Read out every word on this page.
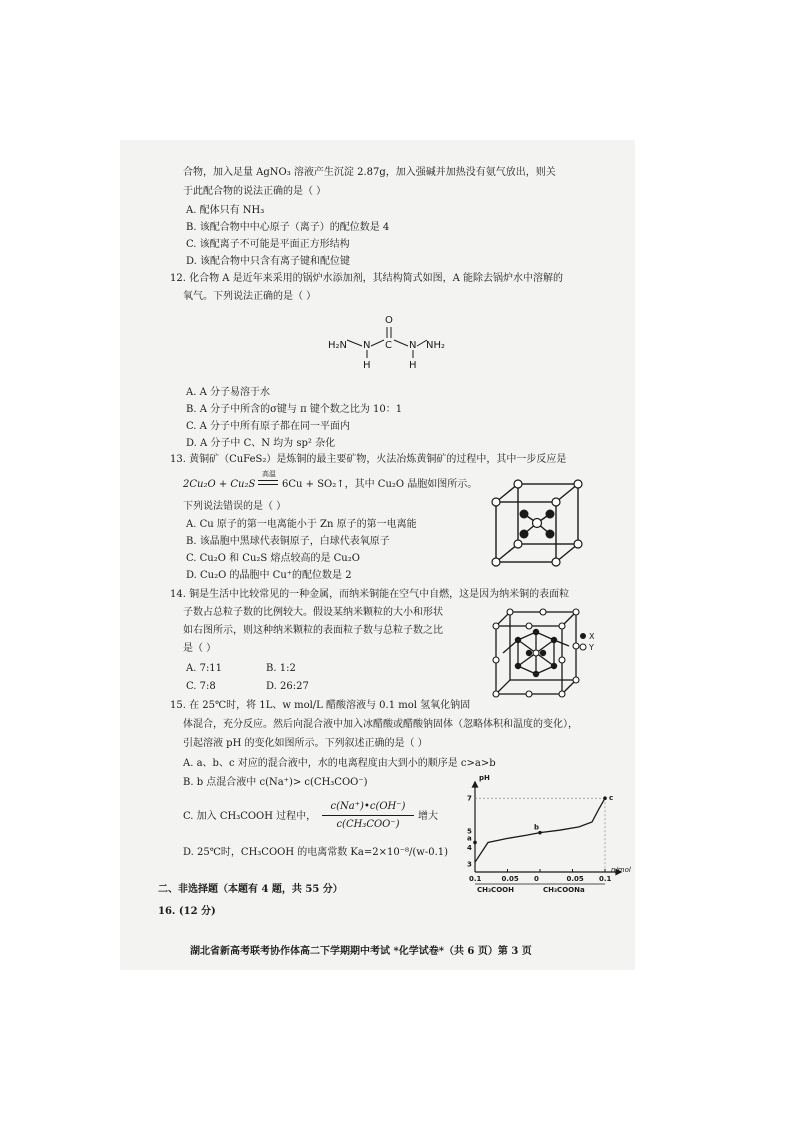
合物，加入足量 AgNO₃ 溶液产生沉淀 2.87g，加入强碱并加热没有氨气放出，则关
于此配合物的说法正确的是（ ）
A. 配体只有 NH₃
B. 该配合物中中心原子（离子）的配位数是 4
C. 该配离子不可能是平面正方形结构
D. 该配合物中只含有离子键和配位键
12. 化合物 A 是近年来采用的锅炉水添加剂，其结构简式如图，A 能除去锅炉水中溶解的
氧气。下列说法正确的是（ ）
O
C
N	N
H	H
H₂N	NH₂
A. A 分子易溶于水
B. A 分子中所含的σ键与 π 键个数之比为 10：1
C. A 分子中所有原子都在同一平面内
D. A 分子中 C、N 均为 sp² 杂化
13. 黄铜矿（CuFeS₂）是炼铜的最主要矿物，火法冶炼黄铜矿的过程中，其中一步反应是
2Cu₂O + Cu₂S
高温
6Cu + SO₂↑，其中 Cu₂O 晶胞如图所示。
下列说法错误的是（ ）
A. Cu 原子的第一电离能小于 Zn 原子的第一电离能
B. 该晶胞中黑球代表铜原子，白球代表氧原子
C. Cu₂O 和 Cu₂S 熔点较高的是 Cu₂O
D. Cu₂O 的晶胞中 Cu⁺的配位数是 2
14. 铜是生活中比较常见的一种金属，而纳米铜能在空气中自燃，这是因为纳米铜的表面粒
子数占总粒子数的比例较大。假设某纳米颗粒的大小和形状
如右图所示，则这种纳米颗粒的表面粒子数与总粒子数之比
是（ ）
A. 7:11	B. 1:2
C. 7:8	D. 26:27
X
Y
15. 在 25℃时，将 1L、w mol/L 醋酸溶液与 0.1 mol 氢氧化钠固
体混合，充分反应。然后向混合液中加入冰醋酸或醋酸钠固体（忽略体积和温度的变化），
引起溶液 pH 的变化如图所示。下列叙述正确的是（ ）
A. a、b、c 对应的混合液中，水的电离程度由大到小的顺序是 c>a>b
B. b 点混合液中 c(Na⁺)> c(CH₃COO⁻)
C. 加入 CH₃COOH 过程中，
c(Na⁺)•c(OH⁻)
c(CH₃COO⁻)
增大
D. 25℃时，CH₃COOH 的电离常数 Ka=2×10⁻⁸/(w-0.1)
0.1	0.05 0	0.05 0.1
7
5
4
3
CH₃COOH	CH₃COONa
a
b
c
pH
n/mol
二、非选择题（本题有 4 题，共 55 分）
16. (12 分)
湖北省新高考联考协作体高二下学期期中考试 *化学试卷*（共 6 页）第 3 页
